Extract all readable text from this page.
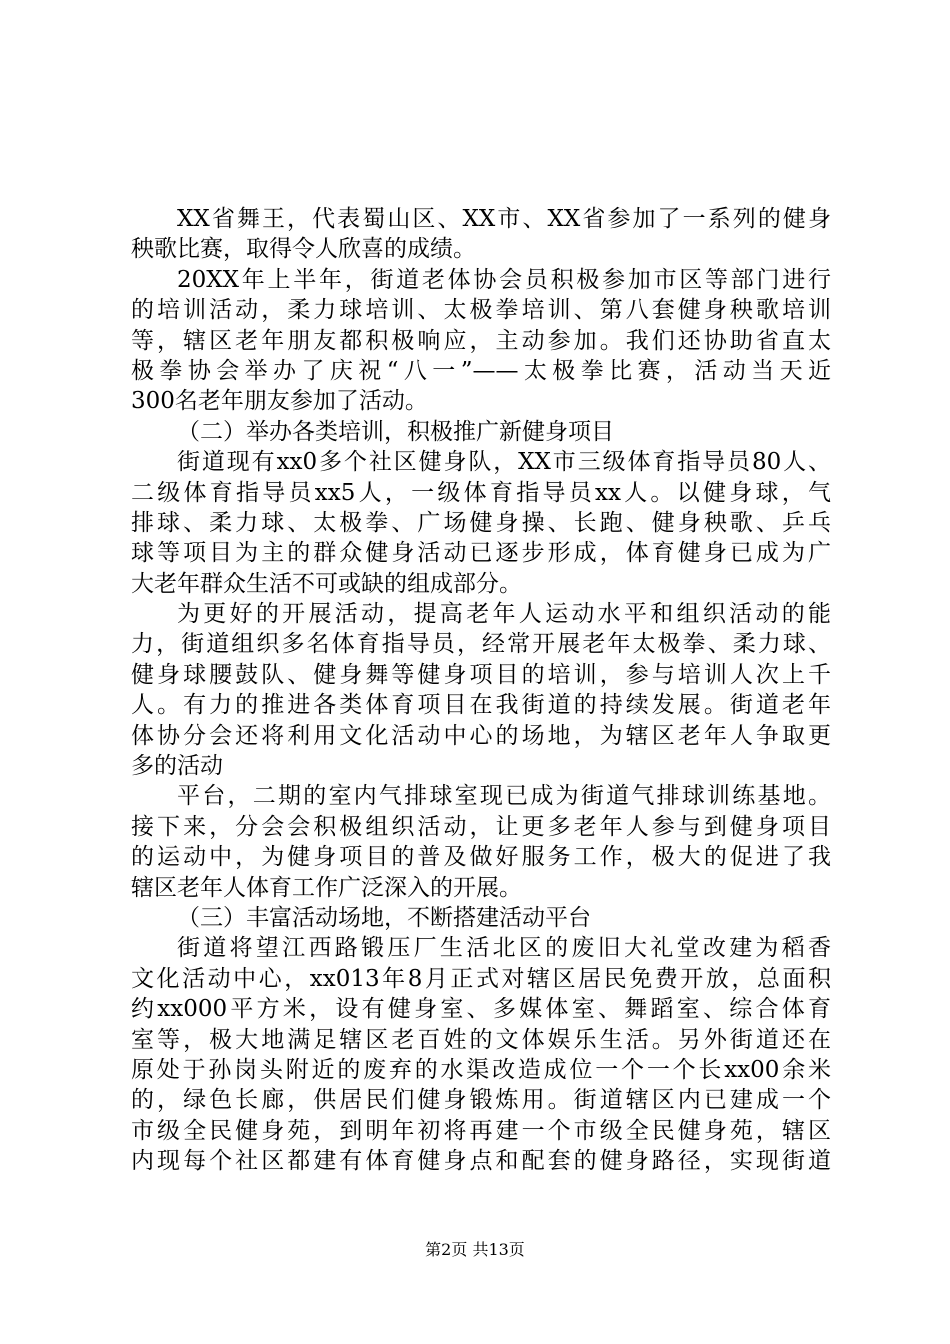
XX省舞王，代表蜀山区、XX市、XX省参加了一系列的健身
秧歌比赛，取得令人欣喜的成绩。
20XX年上半年，街道老体协会员积极参加市区等部门进行
的培训活动，柔力球培训、太极拳培训、第八套健身秧歌培训
等，辖区老年朋友都积极响应，主动参加。我们还协助省直太
极拳协会举办了庆祝“八一”——太极拳比赛，活动当天近
300名老年朋友参加了活动。
（二）举办各类培训，积极推广新健身项目
街道现有xx0多个社区健身队，XX市三级体育指导员80人、
二级体育指导员xx5人，一级体育指导员xx人。以健身球，气
排球、柔力球、太极拳、广场健身操、长跑、健身秧歌、乒乓
球等项目为主的群众健身活动已逐步形成，体育健身已成为广
大老年群众生活不可或缺的组成部分。
为更好的开展活动，提高老年人运动水平和组织活动的能
力，街道组织多名体育指导员，经常开展老年太极拳、柔力球、
健身球腰鼓队、健身舞等健身项目的培训，参与培训人次上千
人。有力的推进各类体育项目在我街道的持续发展。街道老年
体协分会还将利用文化活动中心的场地，为辖区老年人争取更
多的活动
平台，二期的室内气排球室现已成为街道气排球训练基地。
接下来，分会会积极组织活动，让更多老年人参与到健身项目
的运动中，为健身项目的普及做好服务工作，极大的促进了我
辖区老年人体育工作广泛深入的开展。
（三）丰富活动场地，不断搭建活动平台
街道将望江西路锻压厂生活北区的废旧大礼堂改建为稻香
文化活动中心，xx013年8月正式对辖区居民免费开放，总面积
约xx000平方米，设有健身室、多媒体室、舞蹈室、综合体育
室等，极大地满足辖区老百姓的文体娱乐生活。另外街道还在
原处于孙岗头附近的废弃的水渠改造成位一个一个长xx00余米
的，绿色长廊，供居民们健身锻炼用。街道辖区内已建成一个
市级全民健身苑，到明年初将再建一个市级全民健身苑，辖区
内现每个社区都建有体育健身点和配套的健身路径，实现街道
第2页 共13页
